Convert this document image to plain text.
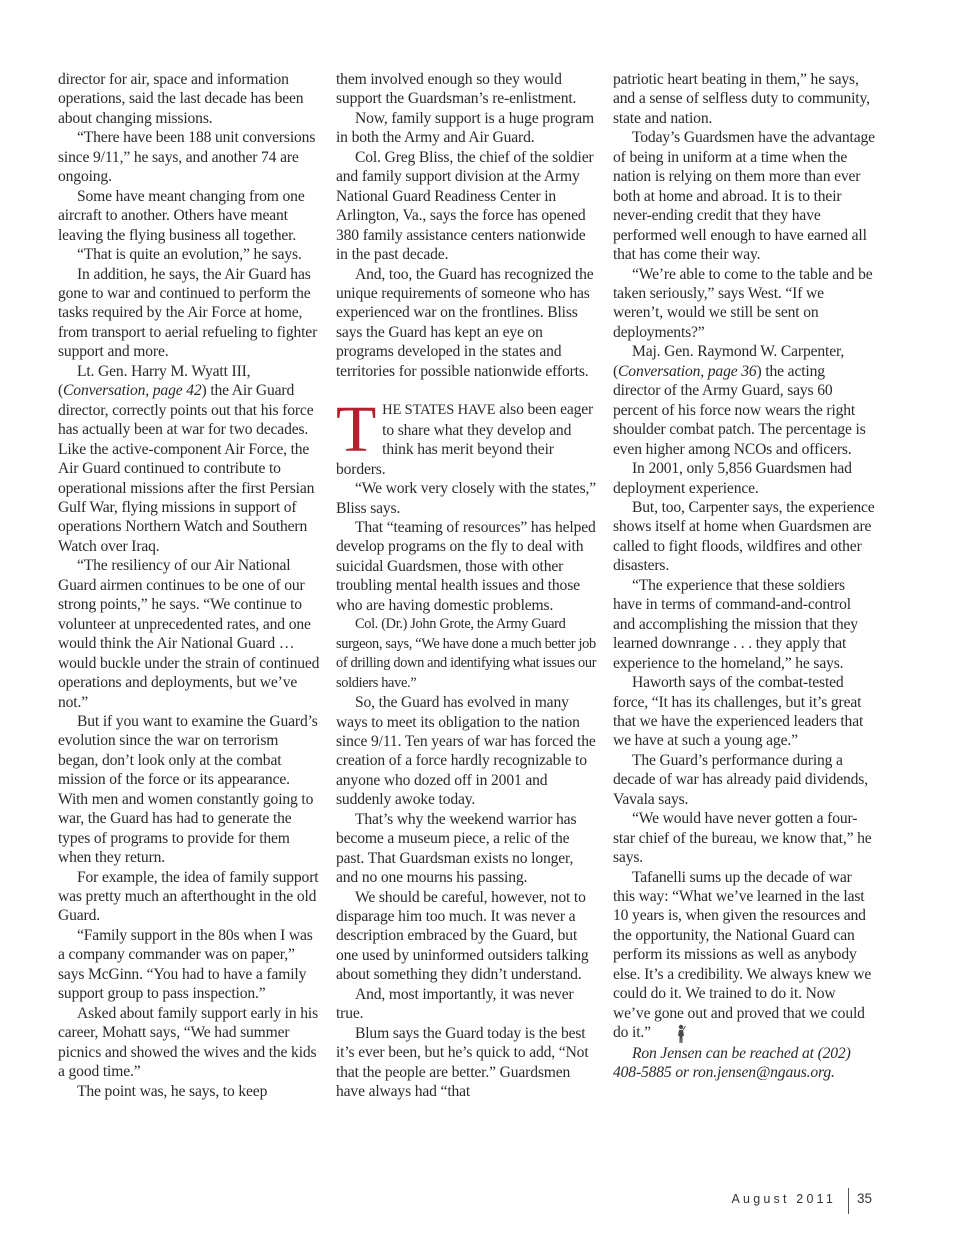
director for air, space and information operations, said the last decade has been about changing missions.

“There have been 188 unit conversions since 9/11,” he says, and another 74 are ongoing.

Some have meant changing from one aircraft to another. Others have meant leaving the flying business all together.

“That is quite an evolution,” he says.

In addition, he says, the Air Guard has gone to war and continued to perform the tasks required by the Air Force at home, from transport to aerial refueling to fighter support and more.

Lt. Gen. Harry M. Wyatt III, (Conversation, page 42) the Air Guard director, correctly points out that his force has actually been at war for two decades. Like the active-component Air Force, the Air Guard continued to contribute to operational missions after the first Persian Gulf War, flying missions in support of operations Northern Watch and Southern Watch over Iraq.

“The resiliency of our Air National Guard airmen continues to be one of our strong points,” he says. “We continue to volunteer at unprecedented rates, and one would think the Air National Guard … would buckle under the strain of continued operations and deployments, but we’ve not.”

But if you want to examine the Guard’s evolution since the war on terrorism began, don’t look only at the combat mission of the force or its appearance. With men and women constantly going to war, the Guard has had to generate the types of programs to provide for them when they return.

For example, the idea of family support was pretty much an afterthought in the old Guard.

“Family support in the 80s when I was a company commander was on paper,” says McGinn. “You had to have a family support group to pass inspection.”

Asked about family support early in his career, Mohatt says, “We had summer picnics and showed the wives and the kids a good time.”

The point was, he says, to keep

them involved enough so they would support the Guardsman’s re-enlistment.

Now, family support is a huge program in both the Army and Air Guard.

Col. Greg Bliss, the chief of the soldier and family support division at the Army National Guard Readiness Center in Arlington, Va., says the force has opened 380 family assistance centers nationwide in the past decade.

And, too, the Guard has recognized the unique requirements of someone who has experienced war on the frontlines. Bliss says the Guard has kept an eye on programs developed in the states and territories for possible nationwide efforts.

THE STATES HAVE also been eager to share what they develop and think has merit beyond their borders.

“We work very closely with the states,” Bliss says.

That “teaming of resources” has helped develop programs on the fly to deal with suicidal Guardsmen, those with other troubling mental health issues and those who are having domestic problems.

Col. (Dr.) John Grote, the Army Guard surgeon, says, “We have done a much better job of drilling down and identifying what issues our soldiers have.”

So, the Guard has evolved in many ways to meet its obligation to the nation since 9/11. Ten years of war has forced the creation of a force hardly recognizable to anyone who dozed off in 2001 and suddenly awoke today.

That’s why the weekend warrior has become a museum piece, a relic of the past. That Guardsman exists no longer, and no one mourns his passing.

We should be careful, however, not to disparage him too much. It was never a description embraced by the Guard, but one used by uninformed outsiders talking about something they didn’t understand.

And, most importantly, it was never true.

Blum says the Guard today is the best it’s ever been, but he’s quick to add, “Not that the people are better.” Guardsmen have always had “that

patriotic heart beating in them,” he says, and a sense of selfless duty to community, state and nation.

Today’s Guardsmen have the advantage of being in uniform at a time when the nation is relying on them more than ever both at home and abroad. It is to their never-ending credit that they have performed well enough to have earned all that has come their way.

“We’re able to come to the table and be taken seriously,” says West. “If we weren’t, would we still be sent on deployments?”

Maj. Gen. Raymond W. Carpenter, (Conversation, page 36) the acting director of the Army Guard, says 60 percent of his force now wears the right shoulder combat patch. The percentage is even higher among NCOs and officers.

In 2001, only 5,856 Guardsmen had deployment experience.

But, too, Carpenter says, the experience shows itself at home when Guardsmen are called to fight floods, wildfires and other disasters.

“The experience that these soldiers have in terms of command-and-control and accomplishing the mission that they learned downrange . . . they apply that experience to the homeland,” he says.

Haworth says of the combat-tested force, “It has its challenges, but it’s great that we have the experienced leaders that we have at such a young age.”

The Guard’s performance during a decade of war has already paid dividends, Vavala says.

“We would have never gotten a four-star chief of the bureau, we know that,” he says.

Tafanelli sums up the decade of war this way: “What we’ve learned in the last 10 years is, when given the resources and the opportunity, the National Guard can perform its missions as well as anybody else. It’s a credibility. We always knew we could do it. We trained to do it. Now we’ve gone out and proved that we could do it.”

Ron Jensen can be reached at (202) 408-5885 or ron.jensen@ngaus.org.

August 2011 35
